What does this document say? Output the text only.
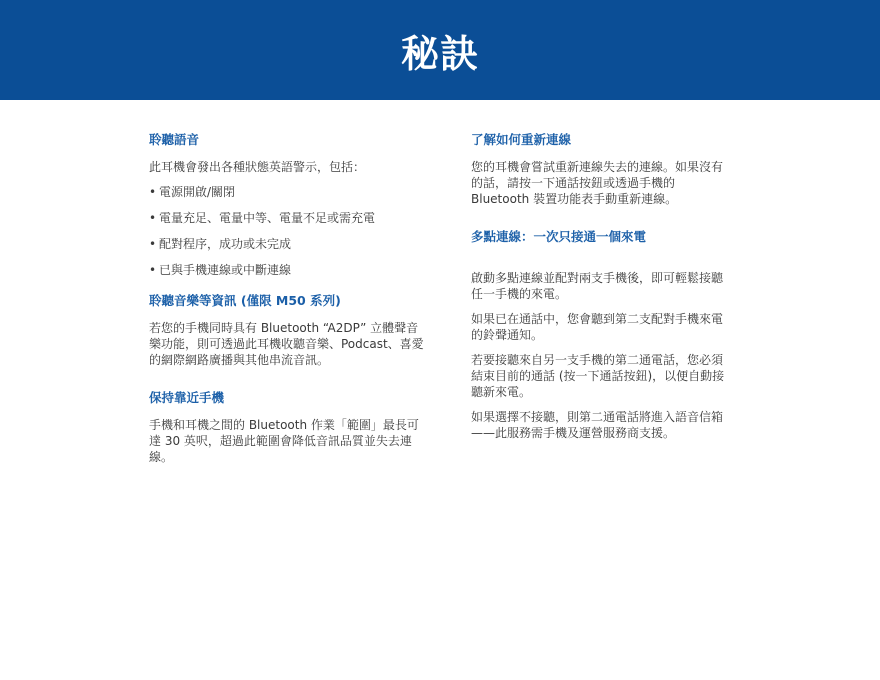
秘訣
聆聽語音

此耳機會發出各種狀態英語警示，包括：

• 電源開啟/關閉
• 電量充足、電量中等、電量不足或需充電
• 配對程序，成功或未完成
• 已與手機連線或中斷連線
聆聽音樂等資訊 (僅限 M50 系列)

若您的手機同時具有 Bluetooth “A2DP” 立體聲音樂功能，則可透過此耳機收聽音樂、Podcast、喜愛的網際網路廣播與其他串流音訊。

保持靠近手機

手機和耳機之間的 Bluetooth 作業「範圍」最長可達 30 英呎，超過此範圍會降低音訊品質並失去連線。

了解如何重新連線

您的耳機會嘗試重新連線失去的連線。如果沒有的話，請按一下通話按鈕或透過手機的 Bluetooth 裝置功能表手動重新連線。

多點連線：一次只接通一個來電

啟動多點連線並配對兩支手機後，即可輕鬆接聽任一手機的來電。

如果已在通話中，您會聽到第二支配對手機來電的鈴聲通知。

若要接聽來自另一支手機的第二通電話，您必須結束目前的通話 (按一下通話按鈕)，以便自動接聽新來電。

如果選擇不接聽，則第二通電話將進入語音信箱——此服務需手機及運營服務商支援。
